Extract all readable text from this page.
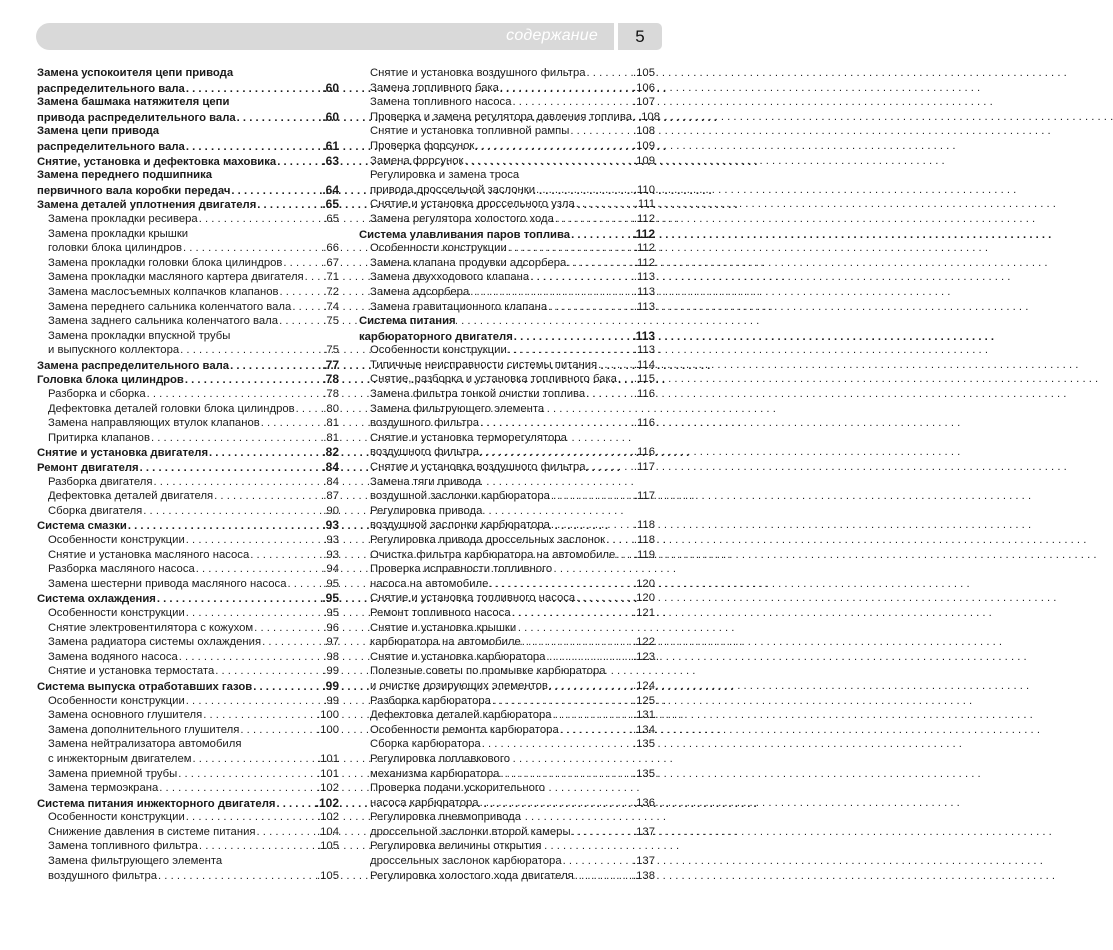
содержание	5
Замена успокоителя цепи привода
распределительного вала . . .	.60
Замена башмака натяжителя цепи
привода распределительного вала . . .	.60
Замена цепи привода
распределительного вала . . .	.61
Снятие, установка и дефектовка маховика . . .	.63
Замена переднего подшипника
первичного вала коробки передач . . .	.64
Замена деталей уплотнения двигателя . . .	.65
Замена прокладки ресивера . . .	.65
Замена прокладки крышки
головки блока цилиндров . . .	.66
Замена прокладки головки блока цилиндров . . .	.67
Замена прокладки масляного картера двигателя . . . .71
Замена маслосъемных колпачков клапанов . . .	.72
Замена переднего сальника коленчатого вала . . .	.74
Замена заднего сальника коленчатого вала . . .	.75
Замена прокладки впускной трубы
и выпускного коллектора . . .	.75
Замена распределительного вала . . .	.77
Головка блока цилиндров . . .	.78
Разборка и сборка . . .	.78
Дефектовка деталей головки блока цилиндров . . .	.80
Замена направляющих втулок клапанов . . .	.81
Притирка клапанов . . .	.81
Снятие и установка двигателя . . .	.82
Ремонт двигателя . . .	.84
Разборка двигателя . . .	.84
Дефектовка деталей двигателя . . .	.87
Сборка двигателя . . .	.90
Система смазки . . .	.93
Особенности конструкции . . .	.93
Снятие и установка масляного насоса . . .	.93
Разборка масляного насоса . . .	.94
Замена шестерни привода масляного насоса . . .	.95
Система охлаждения . . .	.95
Особенности конструкции . . .	.95
Снятие электровентилятора с кожухом . . .	.96
Замена радиатора системы охлаждения . . .	.97
Замена водяного насоса . . .	.98
Снятие и установка термостата . . .	.99
Система выпуска отработавших газов . . .	.99
Особенности конструкции . . .	.99
Замена основного глушителя . . .	.100
Замена дополнительного глушителя . . .	.100
Замена нейтрализатора автомобиля
с инжекторным двигателем . . .	.101
Замена приемной трубы . . .	.101
Замена термоэкрана . . .	.102
Система питания инжекторного двигателя . . .	.102
Особенности конструкции . . .	.102
Снижение давления в системе питания . . .	.104
Замена топливного фильтра . . .	.105
Замена фильтрующего элемента
воздушного фильтра . . .	.105
Снятие и установка воздушного фильтра . . .	.105
Замена топливного бака . . .	.106
Замена топливного насоса . . .	.107
Проверка и замена регулятора давления топлива . . . .108
Снятие и установка топливной рампы . . .	.108
Проверка форсунок . . .	.109
Замена форсунок . . .	.109
Регулировка и замена троса
привода дроссельной заслонки . . .	.110
Снятие и установка дроссельного узла . . .	.111
Замена регулятора холостого хода . . .	.112
Система улавливания паров топлива . . .	.112
Особенности конструкции . . .	.112
Замена клапана продувки адсорбера . . .	.112
Замена двухходового клапана . . .	.113
Замена адсорбера . . .	.113
Замена гравитационного клапана . . .	.113
Система питания
карбюраторного двигателя . . .	.113
Особенности конструкции . . .	.113
Типичные неисправности системы питания . . .	.114
Снятие, разборка и установка топливного бака . . . .115
Замена фильтра тонкой очистки топлива . . .	.116
Замена фильтрующего элемента
воздушного фильтра . . .	.116
Снятие и установка терморегулятора
воздушного фильтра . . .	.116
Снятие и установка воздушного фильтра . . .	.117
Замена тяги привода
воздушной заслонки карбюратора . . .	.117
Регулировка привода
воздушной заслонки карбюратора . . .	.118
Регулировка привода дроссельных заслонок . . .	.118
Очистка фильтра карбюратора на автомобиле . . . .119
Проверка исправности топливного
насоса на автомобиле . . .	.120
Снятие и установка топливного насоса . . .	.120
Ремонт топливного насоса . . .	.121
Снятие и установка крышки
карбюратора на автомобиле . . .	.122
Снятие и установка карбюратора . . .	.123
Полезные советы по промывке карбюратора
и очистке дозирующих элементов . . .	.124
Разборка карбюратора . . .	.125
Дефектовка деталей карбюратора . . .	.131
Особенности ремонта карбюратора . . .	.134
Сборка карбюратора . . .	.135
Регулировка поплавкового
механизма карбюратора . . .	.135
Проверка подачи ускорительного
насоса карбюратора . . .	.136
Регулировка пневмопривода
дроссельной заслонки второй камеры . . .	.137
Регулировка величины открытия
дроссельных заслонок карбюратора . . .	.137
Регулировка холостого хода двигателя . . .	.138
